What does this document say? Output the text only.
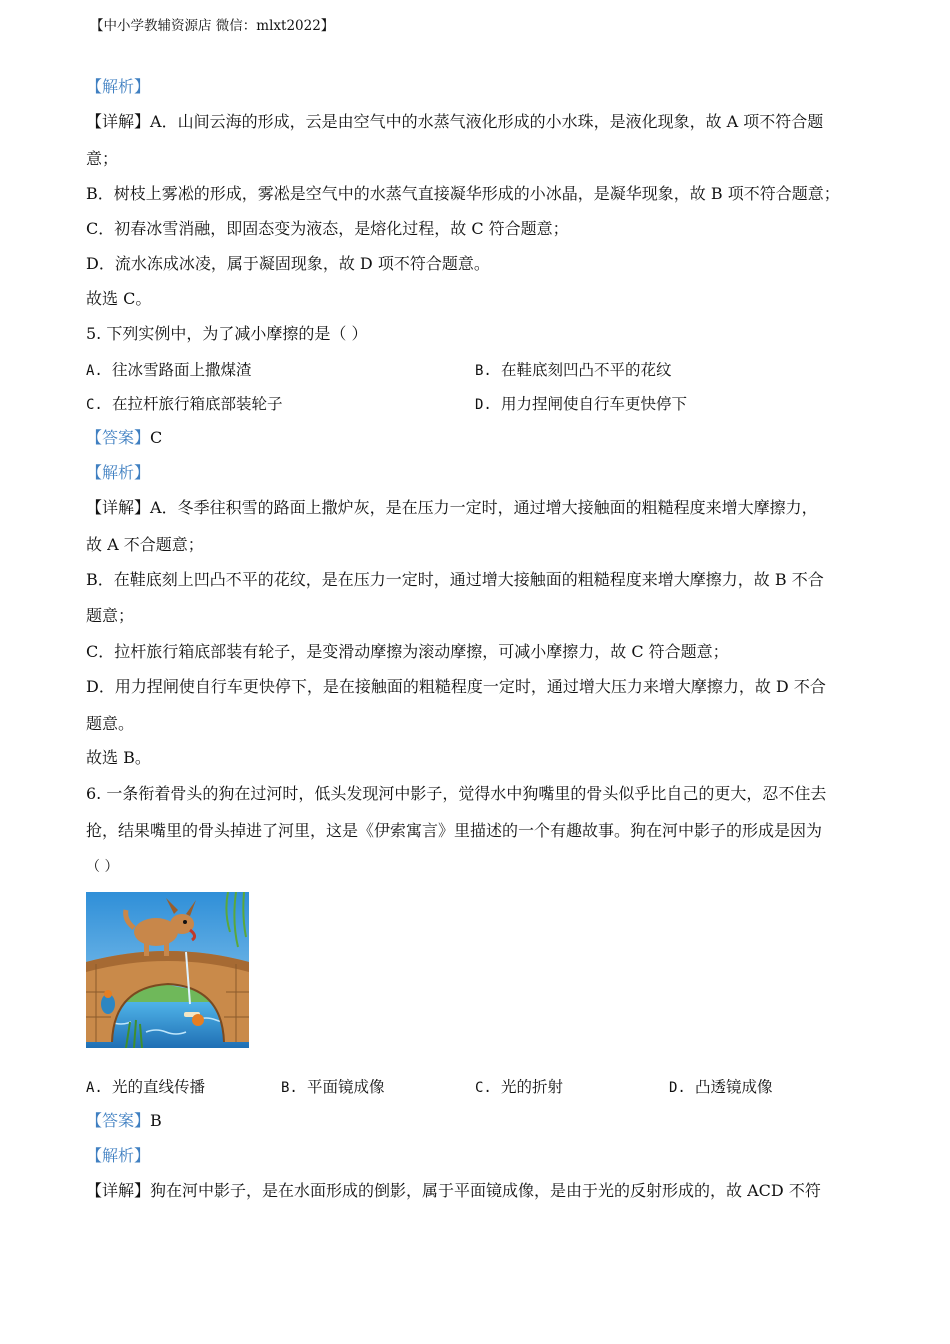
【中小学教辅资源店 微信：mlxt2022】
【解析】
【详解】A．山间云海的形成，云是由空气中的水蒸气液化形成的小水珠，是液化现象，故 A 项不符合题
意；
B．树枝上雾凇的形成，雾凇是空气中的水蒸气直接凝华形成的小冰晶，是凝华现象，故 B 项不符合题意；
C．初春冰雪消融，即固态变为液态，是熔化过程，故 C 符合题意；
D．流水冻成冰凌，属于凝固现象，故 D 项不符合题意。
故选 C。
5. 下列实例中，为了减小摩擦的是（ ）
A. 往冰雪路面上撒煤渣	B. 在鞋底刻凹凸不平的花纹
C. 在拉杆旅行箱底部装轮子	D. 用力捏闸使自行车更快停下
【答案】C
【解析】
【详解】A．冬季往积雪的路面上撒炉灰，是在压力一定时，通过增大接触面的粗糙程度来增大摩擦力，
故 A 不合题意；
B．在鞋底刻上凹凸不平的花纹，是在压力一定时，通过增大接触面的粗糙程度来增大摩擦力，故 B 不合
题意；
C．拉杆旅行箱底部装有轮子，是变滑动摩擦为滚动摩擦，可减小摩擦力，故 C 符合题意；
D．用力捏闸使自行车更快停下，是在接触面的粗糙程度一定时，通过增大压力来增大摩擦力，故 D 不合
题意。
故选 B。
6. 一条衔着骨头的狗在过河时，低头发现河中影子，觉得水中狗嘴里的骨头似乎比自己的更大，忍不住去
抢，结果嘴里的骨头掉进了河里，这是《伊索寓言》里描述的一个有趣故事。狗在河中影子的形成是因为
（ ）
A. 光的直线传播	B. 平面镜成像	C. 光的折射	D. 凸透镜成像
【答案】B
【解析】
【详解】狗在河中影子，是在水面形成的倒影，属于平面镜成像，是由于光的反射形成的，故 ACD 不符
